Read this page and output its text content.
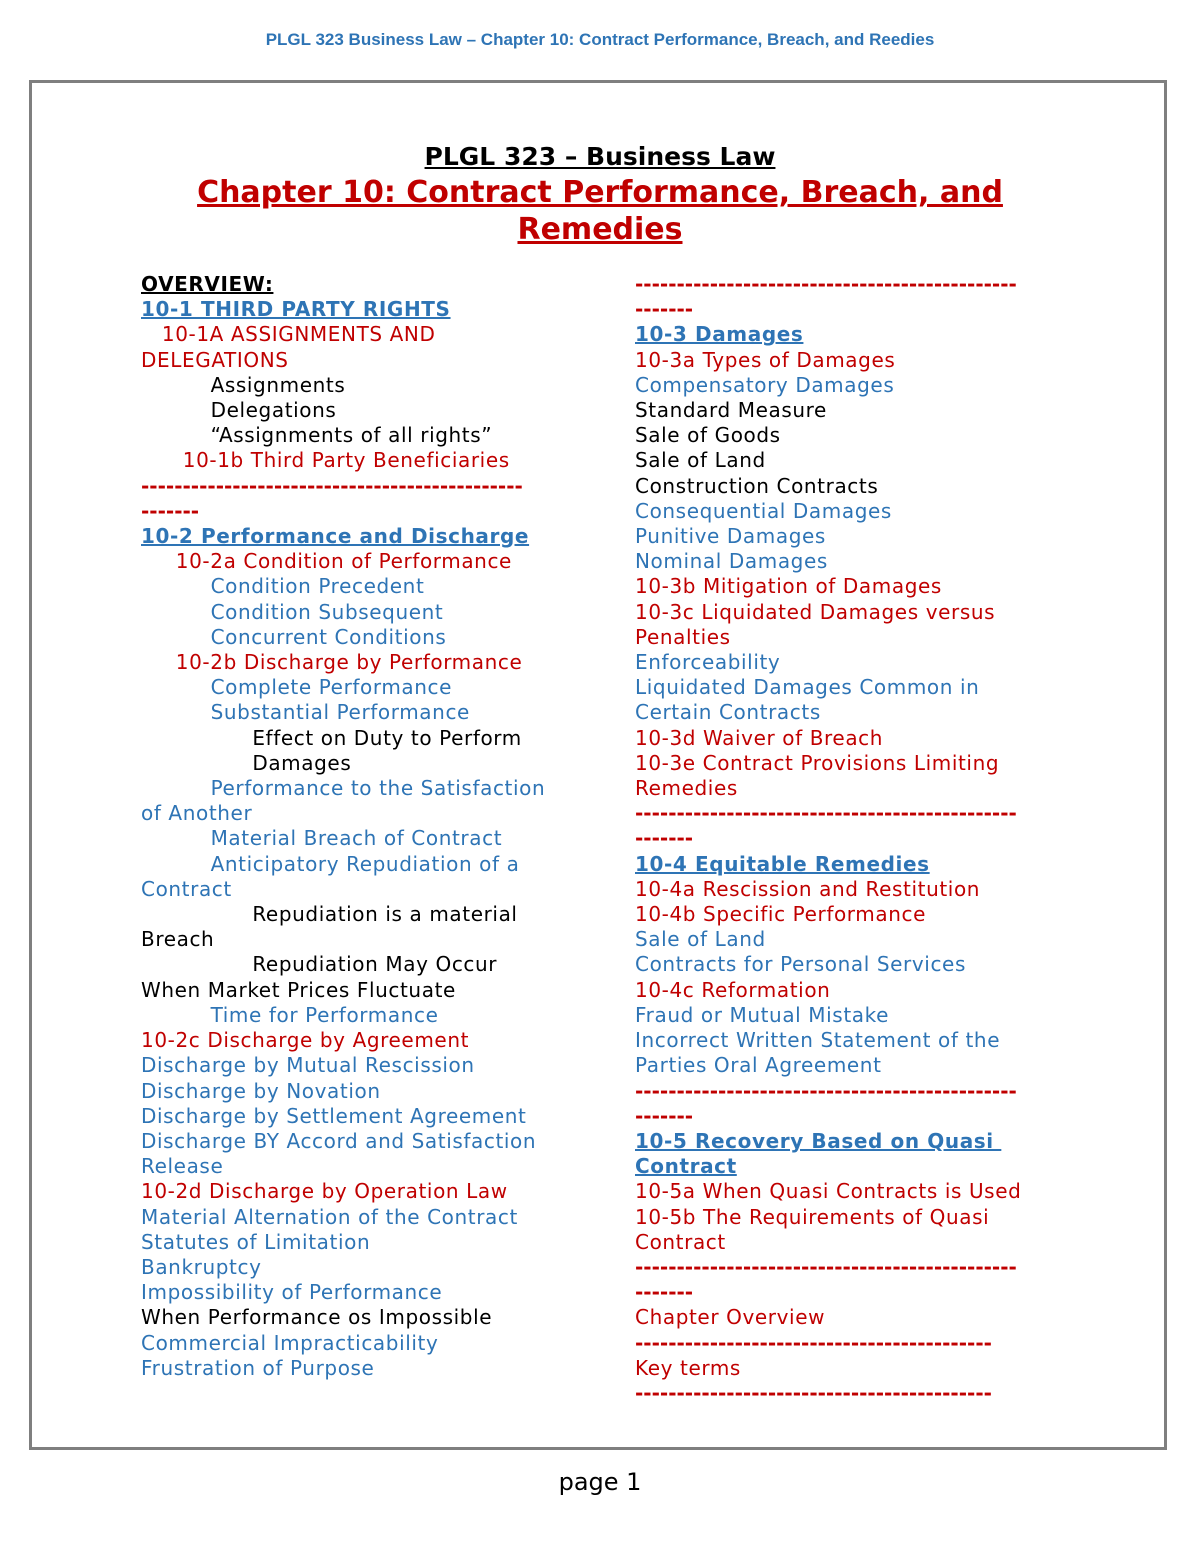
PLGL 323 Business Law – Chapter 10: Contract Performance, Breach, and Reedies
PLGL 323 – Business Law
Chapter 10: Contract Performance, Breach, and
Remedies
OVERVIEW:
10-1 THIRD PARTY RIGHTS
10-1A ASSIGNMENTS AND
DELEGATIONS
Assignments
Delegations
“Assignments of all rights”
10-1b Third Party Beneficiaries
----------------------------------------------
-------
10-2 Performance and Discharge
10-2a Condition of Performance
Condition Precedent
Condition Subsequent
Concurrent Conditions
10-2b Discharge by Performance
Complete Performance
Substantial Performance
Effect on Duty to Perform
Damages
Performance to the Satisfaction
of Another
Material Breach of Contract
Anticipatory Repudiation of a
Contract
Repudiation is a material
Breach
Repudiation May Occur
When Market Prices Fluctuate
Time for Performance
10-2c Discharge by Agreement
Discharge by Mutual Rescission
Discharge by Novation
Discharge by Settlement Agreement
Discharge BY Accord and Satisfaction
Release
10-2d Discharge by Operation Law
Material Alternation of the Contract
Statutes of Limitation
Bankruptcy
Impossibility of Performance
When Performance os Impossible
Commercial Impracticability
Frustration of Purpose
----------------------------------------------
-------
10-3 Damages
10-3a Types of Damages
Compensatory Damages
Standard Measure
Sale of Goods
Sale of Land
Construction Contracts
Consequential Damages
Punitive Damages
Nominal Damages
10-3b Mitigation of Damages
10-3c Liquidated Damages versus
Penalties
Enforceability
Liquidated Damages Common in
Certain Contracts
10-3d Waiver of Breach
10-3e Contract Provisions Limiting
Remedies
----------------------------------------------
-------
10-4 Equitable Remedies
10-4a Rescission and Restitution
10-4b Specific Performance
Sale of Land
Contracts for Personal Services
10-4c Reformation
Fraud or Mutual Mistake
Incorrect Written Statement of the
Parties Oral Agreement
----------------------------------------------
-------
10-5 Recovery Based on Quasi
Contract
10-5a When Quasi Contracts is Used
10-5b The Requirements of Quasi
Contract
----------------------------------------------
-------
Chapter Overview
-------------------------------------------
Key terms
-------------------------------------------
page 1
